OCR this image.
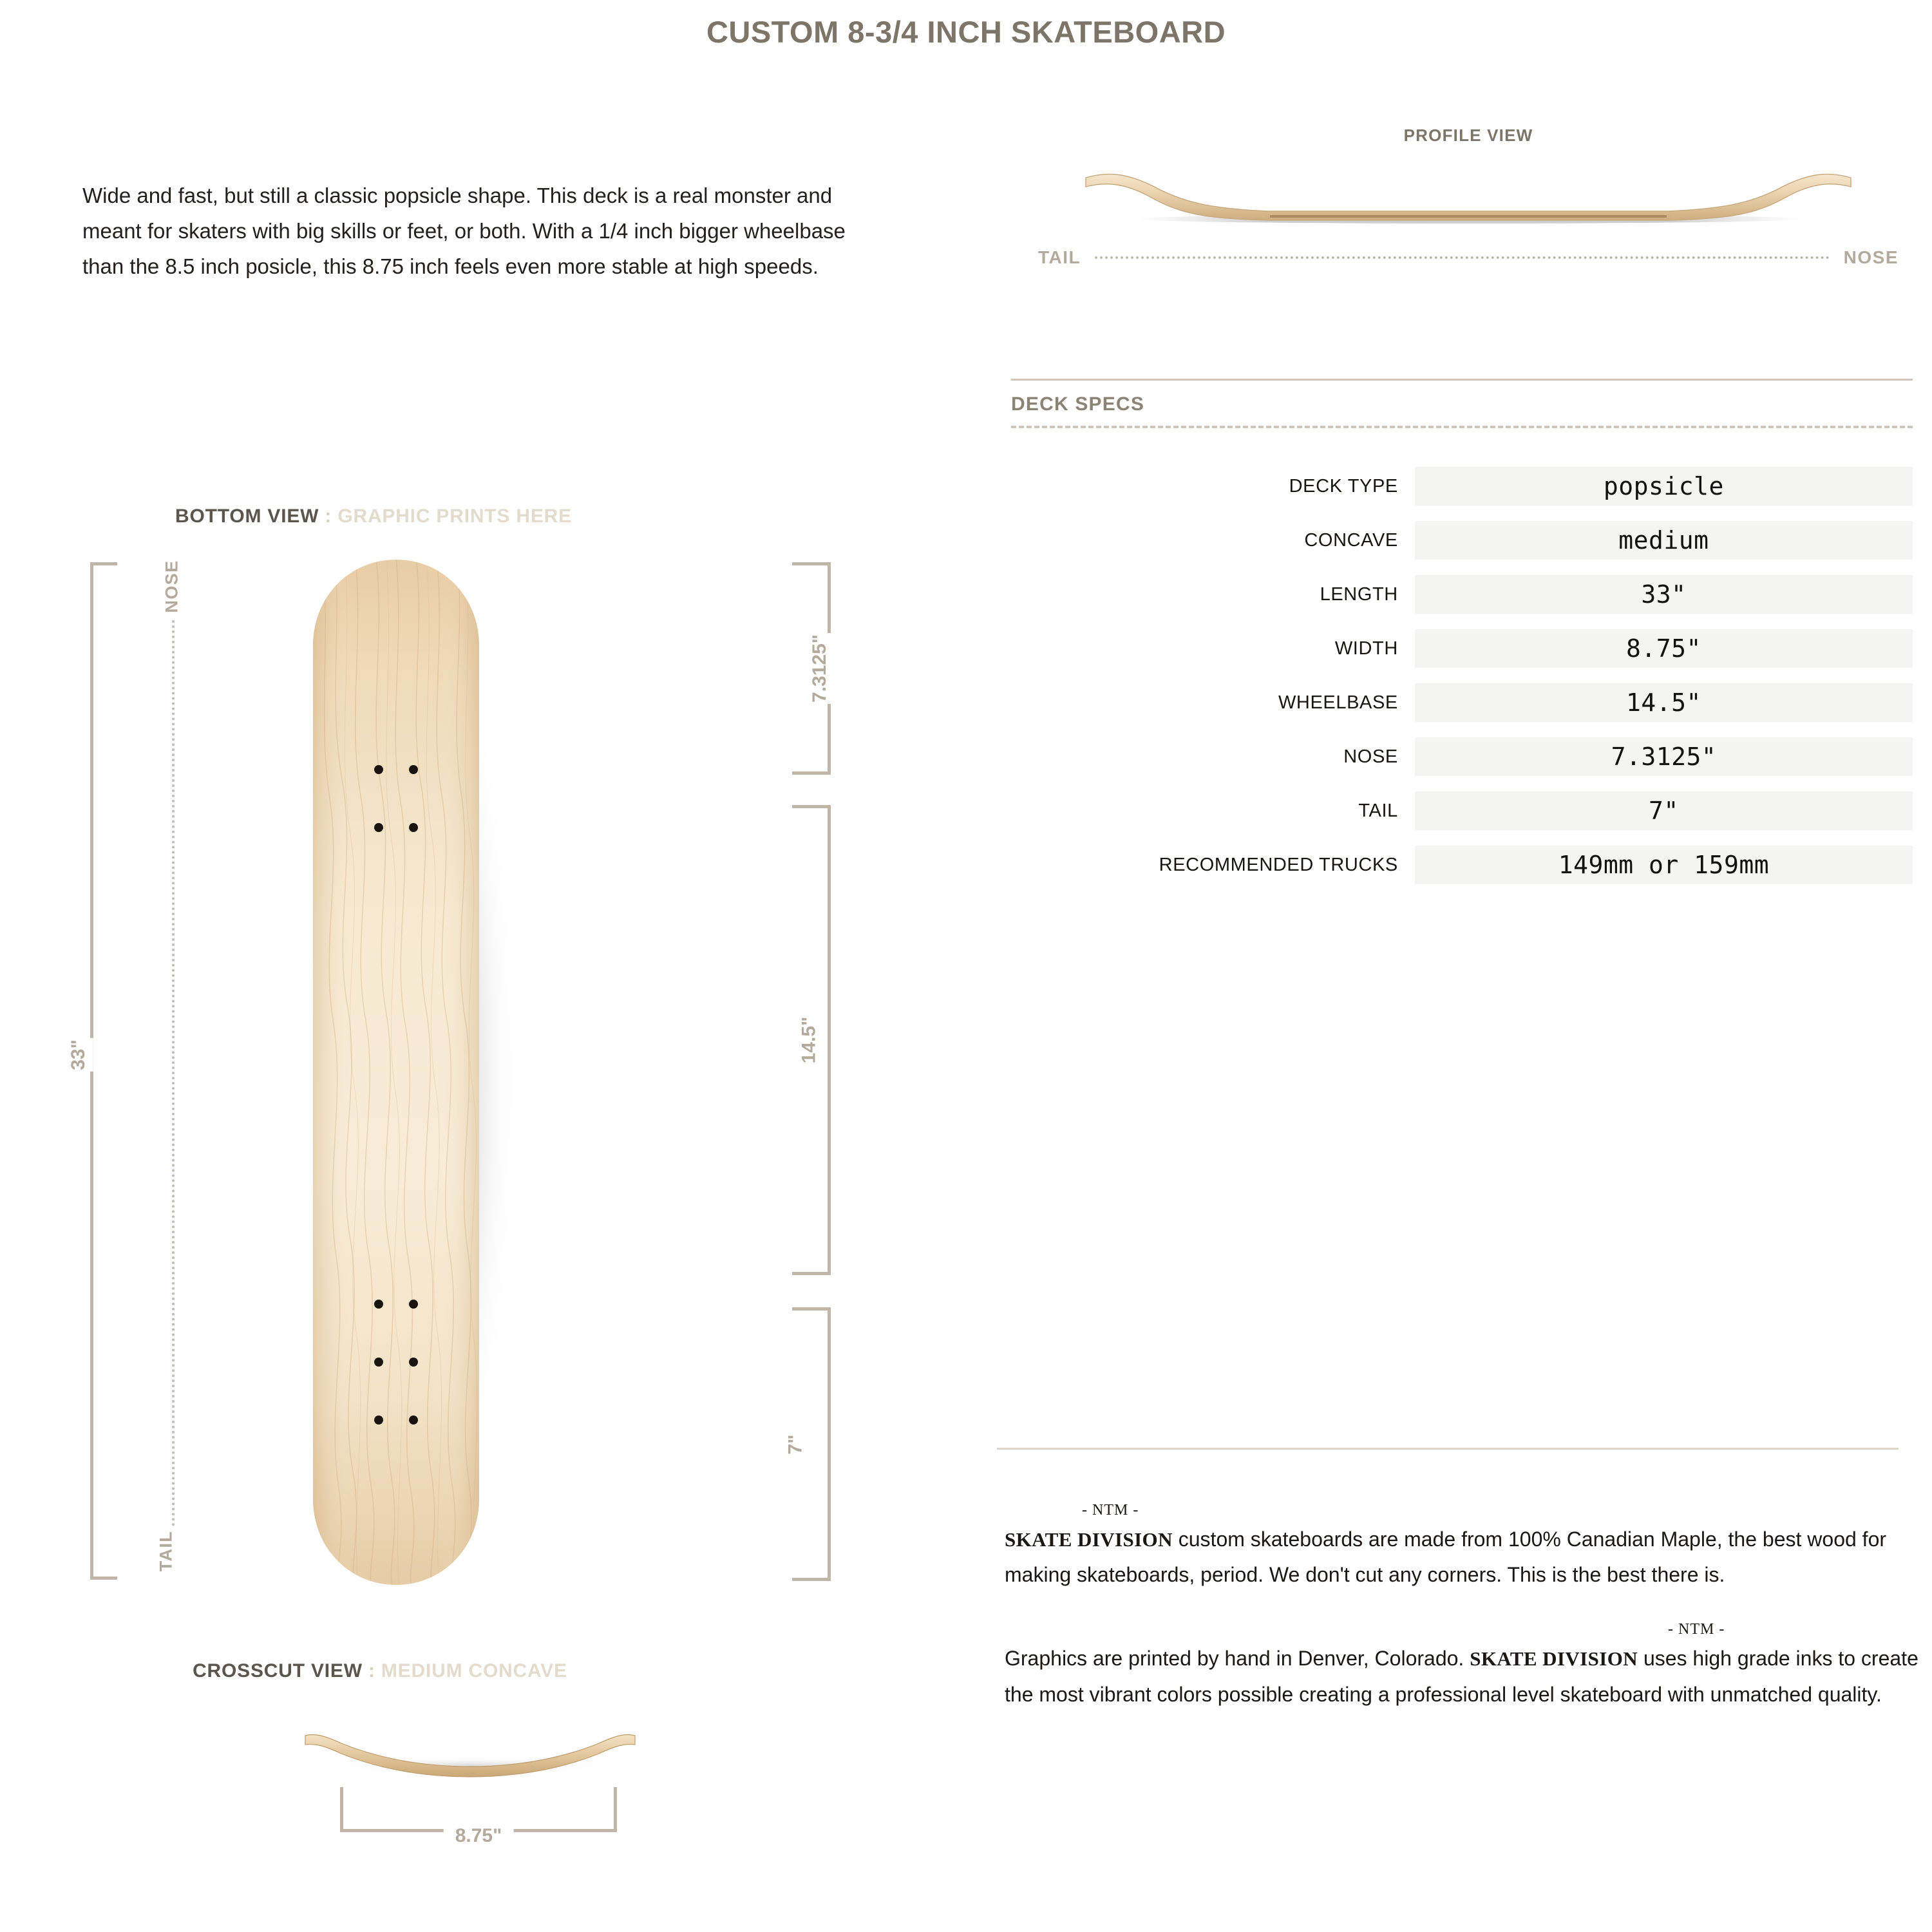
CUSTOM 8-3/4 INCH SKATEBOARD
Wide and fast, but still a classic popsicle shape. This deck is a real monster and meant for skaters with big skills or feet, or both. With a 1/4 inch bigger wheelbase than the 8.5 inch posicle, this 8.75 inch feels even more stable at high speeds.
PROFILE VIEW
TAIL	NOSE
DECK SPECS
DECK TYPE	popsicle
CONCAVE	medium
LENGTH	33"
WIDTH	8.75"
WHEELBASE	14.5"
NOSE	7.3125"
TAIL	7"
RECOMMENDED TRUCKS	149mm or 159mm

- NTM -
SKATE DIVISION custom skateboards are made from 100% Canadian Maple, the best wood for making skateboards, period. We don't cut any corners. This is the best there is.

- NTM -
Graphics are printed by hand in Denver, Colorado. SKATE DIVISION uses high grade inks to create the most vibrant colors possible creating a professional level skateboard with unmatched quality.

BOTTOM VIEW : GRAPHIC PRINTS HERE
33"
NOSE
TAIL
7.3125"
14.5"
7"
CROSSCUT VIEW : MEDIUM CONCAVE
8.75"
